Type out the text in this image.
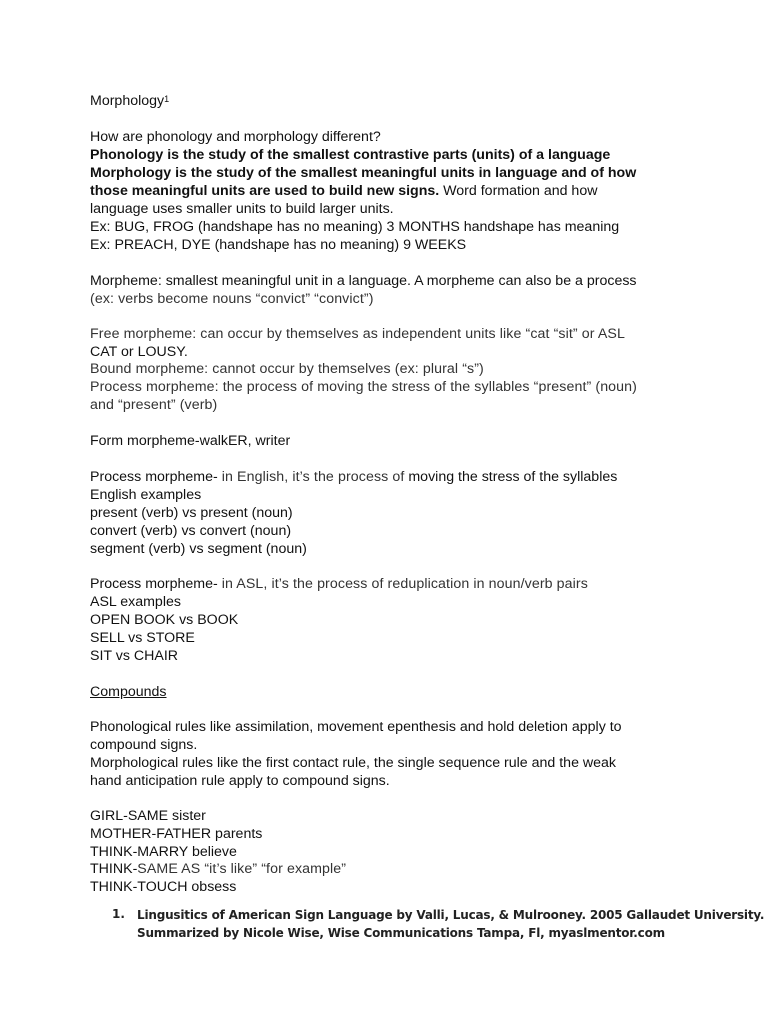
Morphology$^1$
How are phonology and morphology different?
Phonology is the study of the smallest contrastive parts (units) of a language
Morphology is the study of the smallest meaningful units in language and of how
those meaningful units are used to build new signs. Word formation and how
language uses smaller units to build larger units.
Ex: BUG, FROG (handshape has no meaning) 3 MONTHS handshape has meaning
Ex: PREACH, DYE (handshape has no meaning) 9 WEEKS
Morpheme: smallest meaningful unit in a language. A morpheme can also be a process
(ex: verbs become nouns “convict” “convict”)
Free morpheme: can occur by themselves as independent units like “cat “sit” or ASL
CAT or LOUSY.
Bound morpheme: cannot occur by themselves (ex: plural “s”)
Process morpheme: the process of moving the stress of the syllables “present” (noun)
and “present” (verb)
Form morpheme-walkER, writer
Process morpheme- in English, it’s the process of moving the stress of the syllables
English examples
present (verb) vs present (noun)
convert (verb) vs convert (noun)
segment (verb) vs segment (noun)
Process morpheme- in ASL, it’s the process of reduplication in noun/verb pairs
ASL examples
OPEN BOOK vs BOOK
SELL vs STORE
SIT vs CHAIR
Compounds
Phonological rules like assimilation, movement epenthesis and hold deletion apply to
compound signs.
Morphological rules like the first contact rule, the single sequence rule and the weak
hand anticipation rule apply to compound signs.
GIRL-SAME sister
MOTHER-FATHER parents
THINK-MARRY believe
THINK-SAME AS “it’s like” “for example”
THINK-TOUCH obsess
1. Lingusitics of American Sign Language by Valli, Lucas, & Mulrooney. 2005 Gallaudet University.
Summarized by Nicole Wise, Wise Communications Tampa, Fl, myaslmentor.com
